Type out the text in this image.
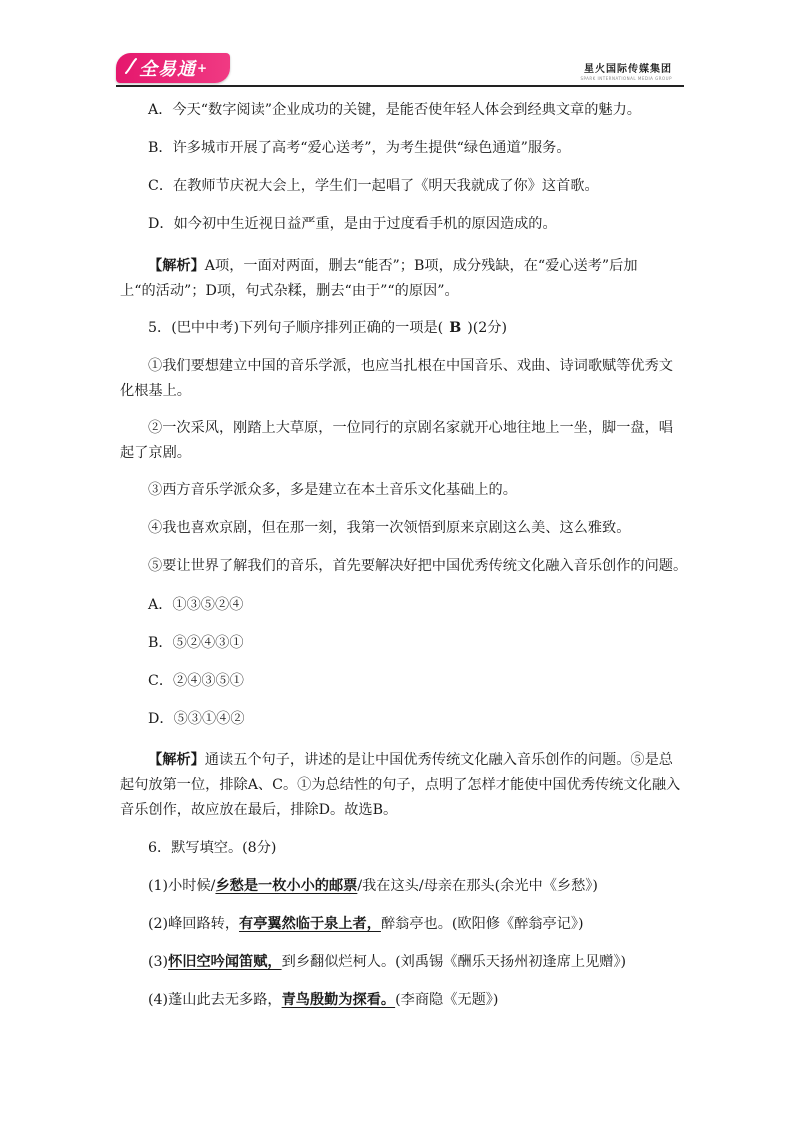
全易通 +	星火国际传媒集团
SPARK INTERNATIONAL MEDIA GROUP
A．今天“数字阅读”企业成功的关键，是能否使年轻人体会到经典文章的魅力。
B．许多城市开展了高考“爱心送考”，为考生提供“绿色通道”服务。
C．在教师节庆祝大会上，学生们一起唱了《明天我就成了你》这首歌。
D．如今初中生近视日益严重，是由于过度看手机的原因造成的。
【解析】A项，一面对两面，删去“能否”；B项，成分残缺，在“爱心送考”后加
上“的活动”；D项，句式杂糅，删去“由于”“的原因”。
5．(巴中中考)下列句子顺序排列正确的一项是( B )(2分)
①我们要想建立中国的音乐学派，也应当扎根在中国音乐、戏曲、诗词歌赋等优秀文
化根基上。
②一次采风，刚踏上大草原，一位同行的京剧名家就开心地往地上一坐，脚一盘，唱
起了京剧。
③西方音乐学派众多，多是建立在本土音乐文化基础上的。
④我也喜欢京剧，但在那一刻，我第一次领悟到原来京剧这么美、这么雅致。
⑤要让世界了解我们的音乐，首先要解决好把中国优秀传统文化融入音乐创作的问题。
A．①③⑤②④
B．⑤②④③①
C．②④③⑤①
D．⑤③①④②
【解析】通读五个句子，讲述的是让中国优秀传统文化融入音乐创作的问题。⑤是总
起句放第一位，排除A、C。①为总结性的句子，点明了怎样才能使中国优秀传统文化融入
音乐创作，故应放在最后，排除D。故选B。
6．默写填空。(8分)
(1)小时候/乡愁是一枚小小的邮票/我在这头/母亲在那头(余光中《乡愁》)
(2)峰回路转，有亭翼然临于泉上者，醉翁亭也。(欧阳修《醉翁亭记》)
(3)怀旧空吟闻笛赋，到乡翻似烂柯人。(刘禹锡《酬乐天扬州初逢席上见赠》)
(4)蓬山此去无多路，青鸟殷勤为探看。(李商隐《无题》)
